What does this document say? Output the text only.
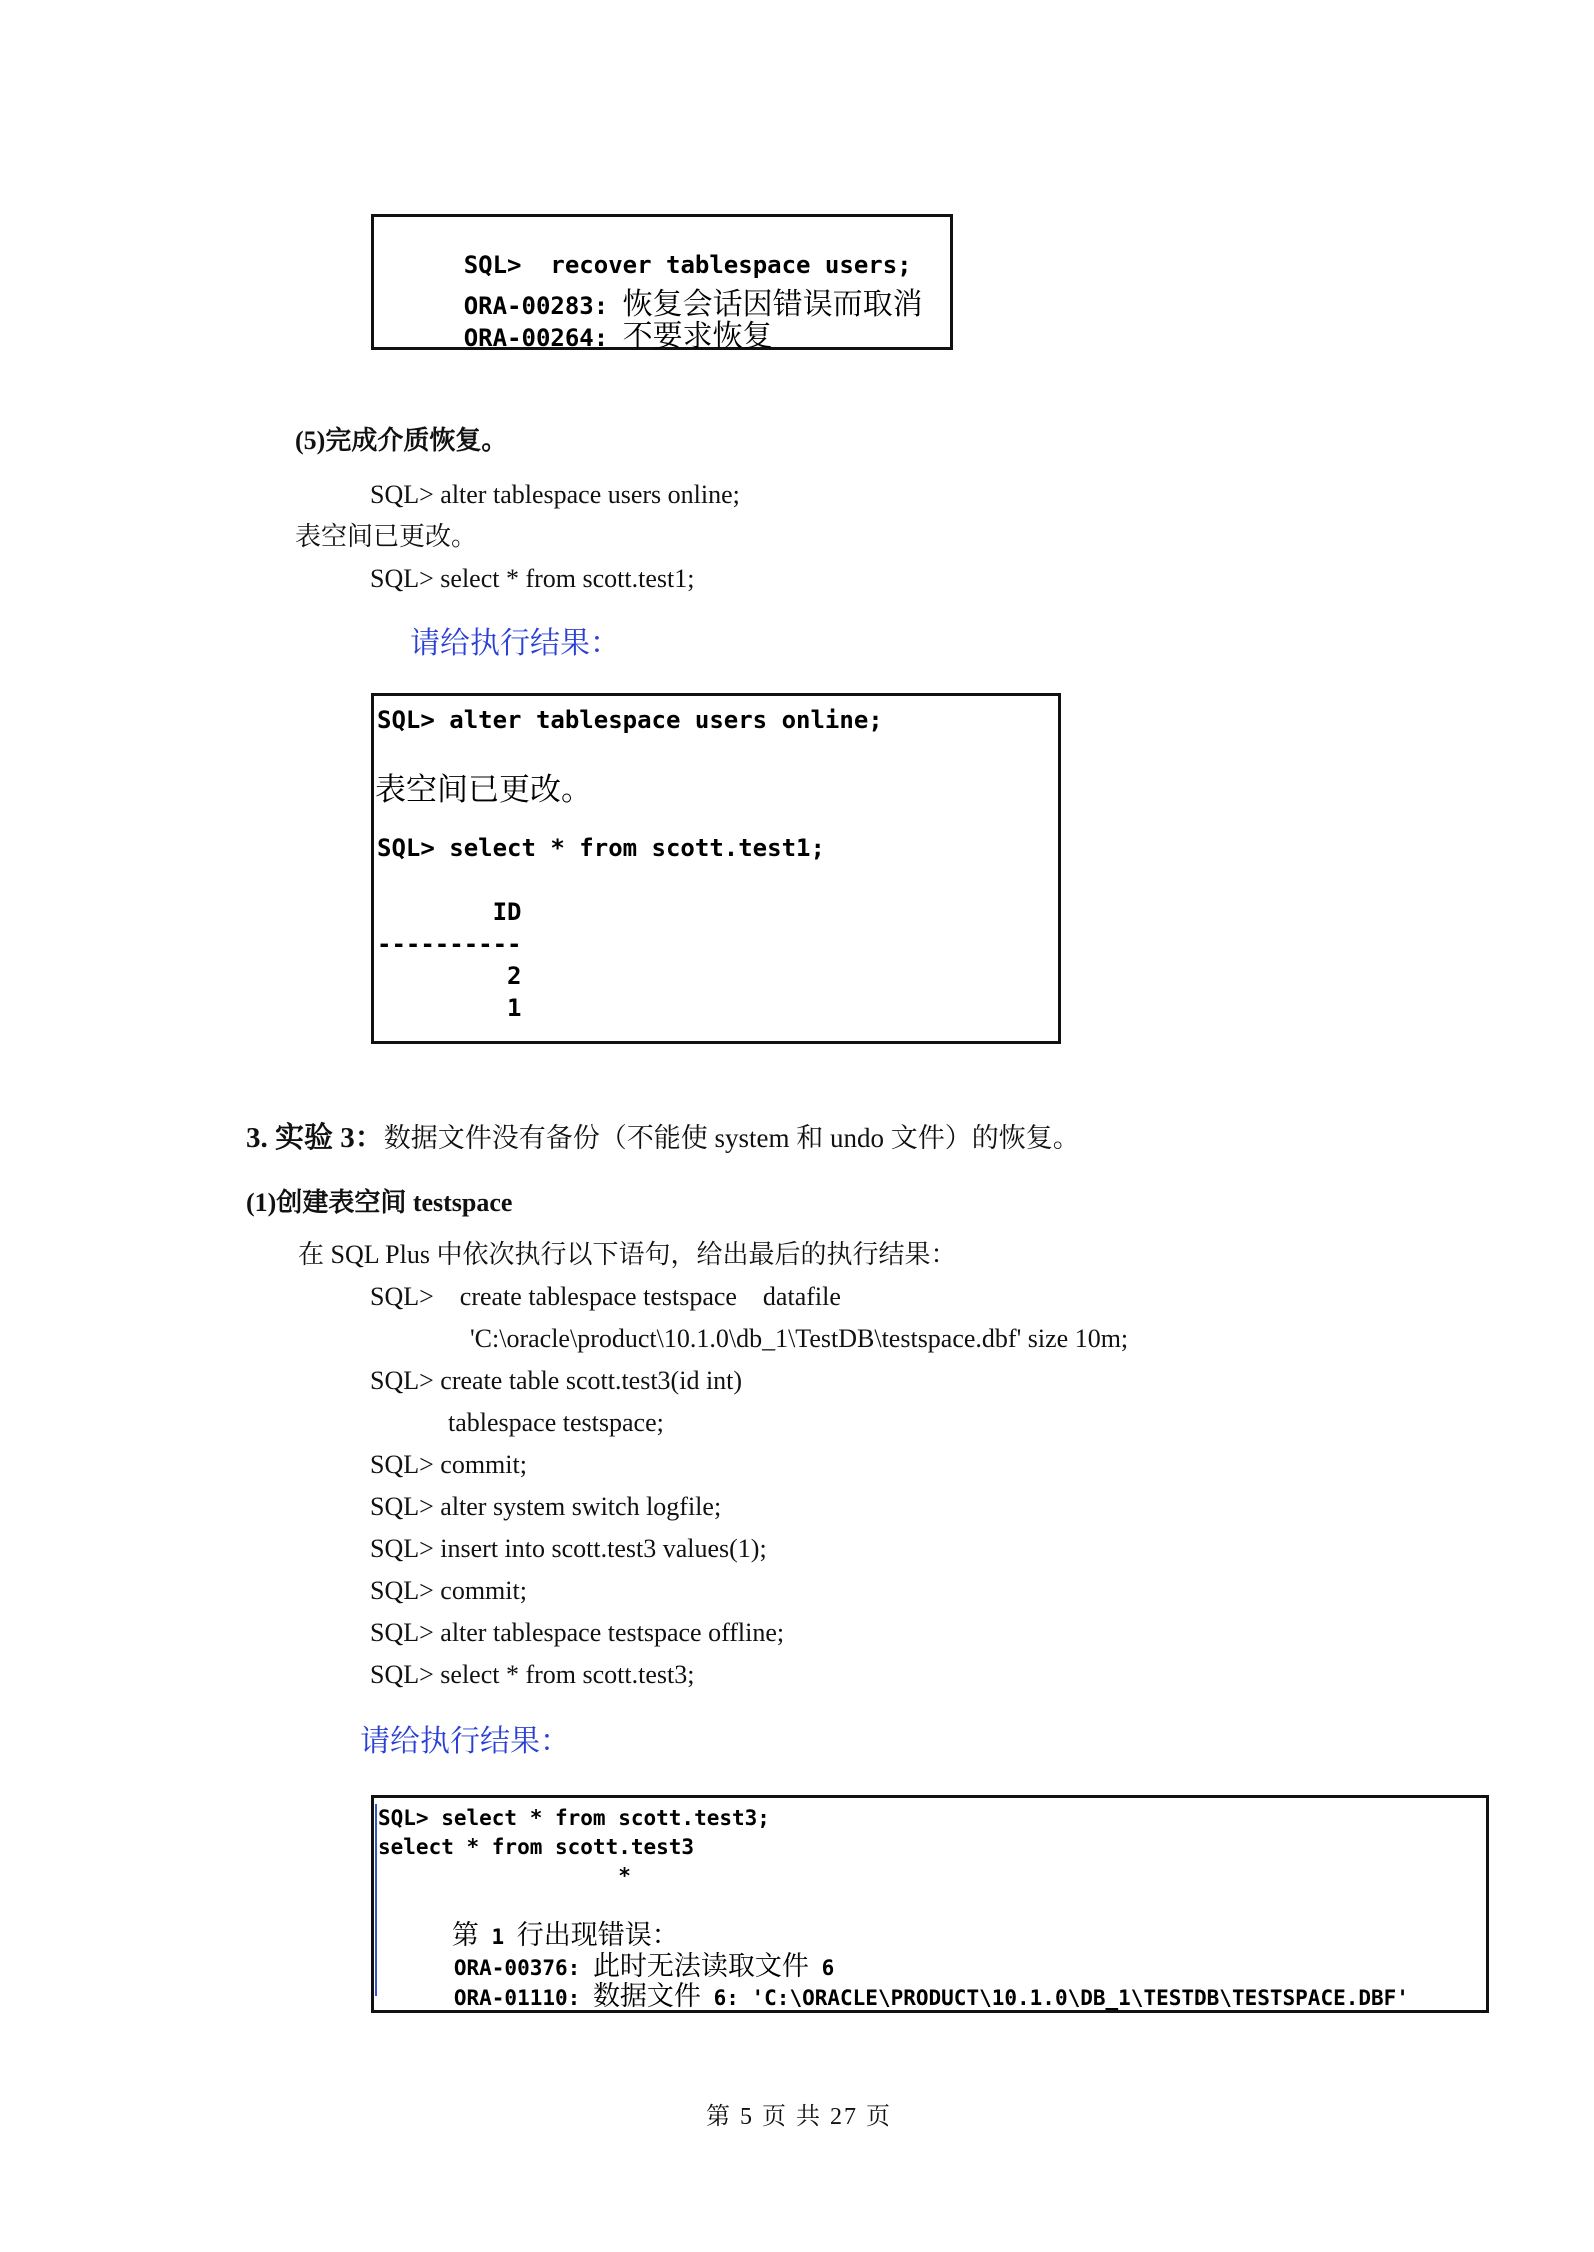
SQL>  recover tablespace users;

ORA-00283: 恢复会话因错误而取消

ORA-00264: 不要求恢复

(5)完成介质恢复。
SQL> alter tablespace users online;
表空间已更改。
SQL> select * from scott.test1;
请给执行结果：
SQL> alter tablespace users online;
表空间已更改。
SQL> select * from scott.test1;
ID
----------
2
1
3. 实验 3：数据文件没有备份（不能使 system 和 undo 文件）的恢复。
(1)创建表空间 testspace
在 SQL Plus 中依次执行以下语句，给出最后的执行结果：
SQL>    create tablespace testspace    datafile
'C:\oracle\product\10.1.0\db_1\TestDB\testspace.dbf' size 10m;
SQL> create table scott.test3(id int)
tablespace testspace;
SQL> commit;
SQL> alter system switch logfile;
SQL> insert into scott.test3 values(1);
SQL> commit;
SQL> alter tablespace testspace offline;
SQL> select * from scott.test3;
请给执行结果：
SQL> select * from scott.test3;
select * from scott.test3
*

第 1 行出现错误：

ORA-00376: 此时无法读取文件 6

ORA-01110: 数据文件 6: 'C:\ORACLE\PRODUCT\10.1.0\DB_1\TESTDB\TESTSPACE.DBF'

第 5 页 共 27 页
